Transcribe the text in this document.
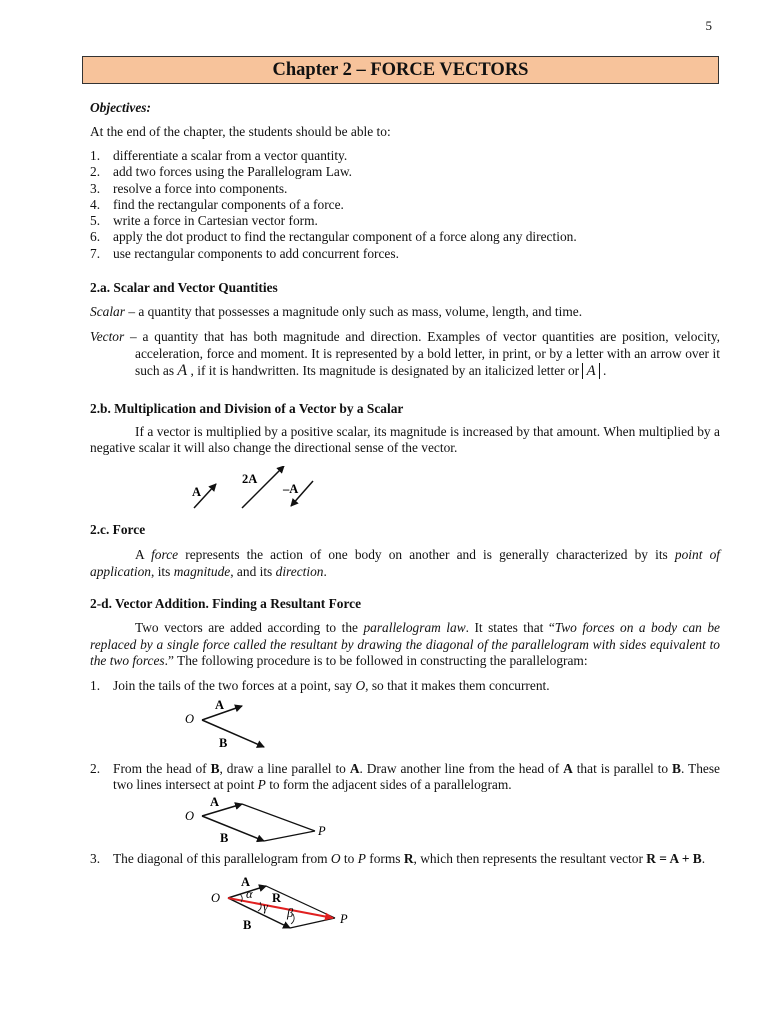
5
Chapter 2 – FORCE VECTORS
Objectives:
At the end of the chapter, the students should be able to:
1. differentiate a scalar from a vector quantity.
2. add two forces using the Parallelogram Law.
3. resolve a force into components.
4. find the rectangular components of a force.
5. write a force in Cartesian vector form.
6. apply the dot product to find the rectangular component of a force along any direction.
7. use rectangular components to add concurrent forces.
2.a. Scalar and Vector Quantities
Scalar – a quantity that possesses a magnitude only such as mass, volume, length, and time.
Vector – a quantity that has both magnitude and direction. Examples of vector quantities are position, velocity, acceleration, force and moment. It is represented by a bold letter, in print, or by a letter with an arrow over it such as A , if it is handwritten. Its magnitude is designated by an italicized letter or A .
2.b. Multiplication and Division of a Vector by a Scalar
If a vector is multiplied by a positive scalar, its magnitude is increased by that amount. When multiplied by a negative scalar it will also change the directional sense of the vector.
A
2A
–A
2.c. Force
A force represents the action of one body on another and is generally characterized by its point of application, its magnitude, and its direction.
2-d. Vector Addition. Finding a Resultant Force
Two vectors are added according to the parallelogram law. It states that “Two forces on a body can be replaced by a single force called the resultant by drawing the diagonal of the parallelogram with sides equivalent to the two forces.” The following procedure is to be followed in constructing the parallelogram:
1. Join the tails of the two forces at a point, say O, so that it makes them concurrent.
O
A
B
2. From the head of B, draw a line parallel to A. Draw another line from the head of A that is parallel to B. These two lines intersect at point P to form the adjacent sides of a parallelogram.
O
A
B	P
3. The diagonal of this parallelogram from O to P forms R, which then represents the resultant vector R = A + B.
O
A
B
R
P
α
γ β
